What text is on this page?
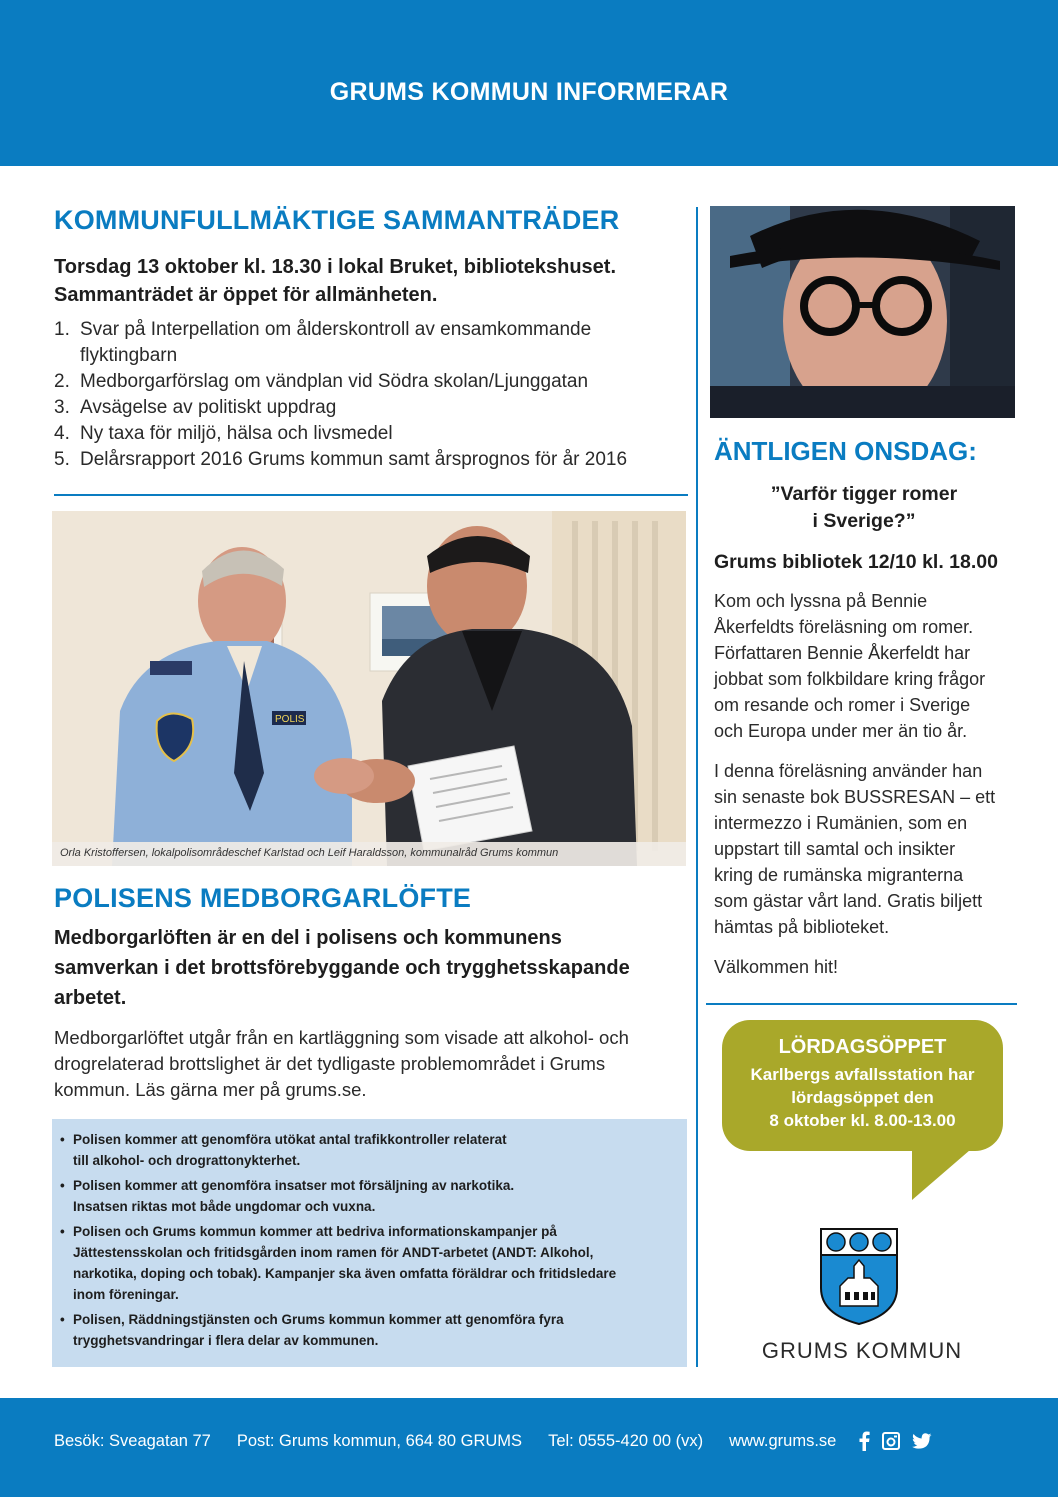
GRUMS KOMMUN INFORMERAR
KOMMUNFULLMÄKTIGE SAMMANTRÄDER
Torsdag 13 oktober kl. 18.30 i lokal Bruket, bibliotekshuset.
Sammanträdet är öppet för allmänheten.
1. Svar på Interpellation om ålderskontroll av ensamkommande
flyktingbarn
2. Medborgarförslag om vändplan vid Södra skolan/Ljunggatan
3. Avsägelse av politiskt uppdrag
4. Ny taxa för miljö, hälsa och livsmedel
5. Delårsrapport 2016 Grums kommun samt årsprognos för år 2016
POLIS
Orla Kristoffersen, lokalpolisområdeschef Karlstad och Leif Haraldsson, kommunalråd Grums kommun
POLISENS MEDBORGARLÖFTE
Medborgarlöften är en del i polisens och kommunens
samverkan i det brottsförebyggande och trygghetsskapande
arbetet.
Medborgarlöftet utgår från en kartläggning som visade att alkohol- och
drogrelaterad brottslighet är det tydligaste problemområdet i Grums
kommun. Läs gärna mer på grums.se.
• Polisen kommer att genomföra utökat antal trafikkontroller relaterat
till alkohol- och drograttonykterhet.
• Polisen kommer att genomföra insatser mot försäljning av narkotika.
Insatsen riktas mot både ungdomar och vuxna.
• Polisen och Grums kommun kommer att bedriva informationskampanjer på
Jättestensskolan och fritidsgården inom ramen för ANDT-arbetet (ANDT: Alkohol,
narkotika, doping och tobak). Kampanjer ska även omfatta föräldrar och fritidsledare
inom föreningar.
• Polisen, Räddningstjänsten och Grums kommun kommer att genomföra fyra
trygghetsvandringar i flera delar av kommunen.
ÄNTLIGEN ONSDAG:
”Varför tigger romer
i Sverige?”
Grums bibliotek 12/10 kl. 18.00
Kom och lyssna på Bennie
Åkerfeldts föreläsning om romer.
Författaren Bennie Åkerfeldt har
jobbat som folkbildare kring frågor
om resande och romer i Sverige
och Europa under mer än tio år.
I denna föreläsning använder han
sin senaste bok BUSSRESAN – ett
intermezzo i Rumänien, som en
uppstart till samtal och insikter
kring de rumänska migranterna
som gästar vårt land. Gratis biljett
hämtas på biblioteket.
Välkommen hit!
LÖRDAGSÖPPET
Karlbergs avfallsstation har
lördagsöppet den
8 oktober kl. 8.00-13.00
GRUMS KOMMUN
Besök: Sveagatan 77 Post: Grums kommun, 664 80 GRUMS Tel: 0555-420 00 (vx) www.grums.se
